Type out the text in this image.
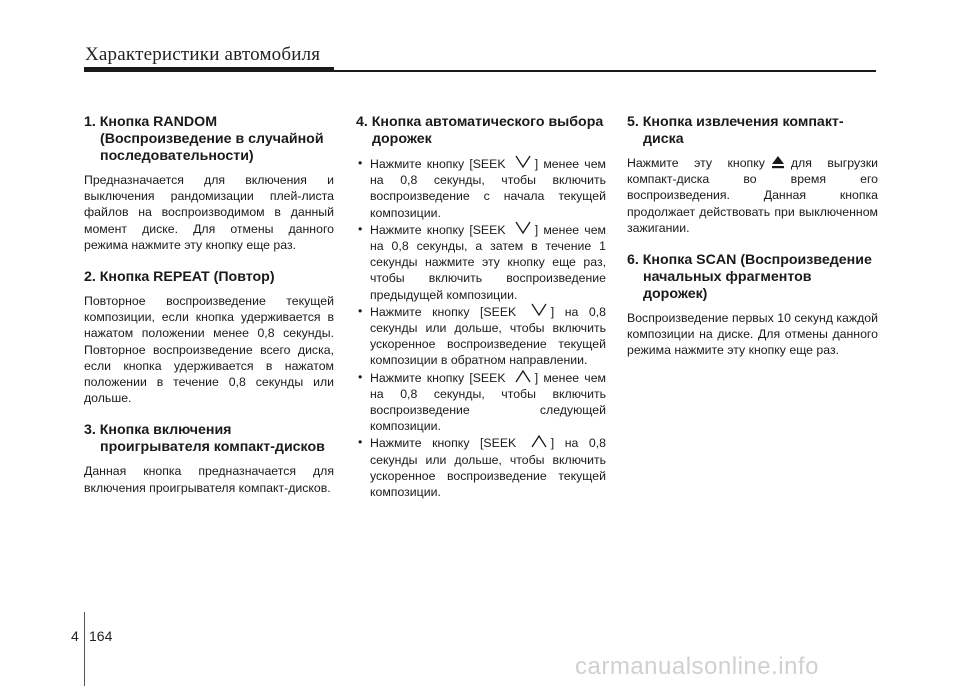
Характеристики автомобиля
1. Кнопка RANDOM (Воспроизведение в случайной последовательности)
Предназначается для включения и выключения рандомизации плей-листа файлов на воспроизводимом в данный момент диске. Для отмены данного режима нажмите эту кнопку еще раз.
2. Кнопка REPEAT (Повтор)
Повторное воспроизведение текущей композиции, если кнопка удерживается в нажатом положении менее 0,8 секунды. Повторное воспроизведение всего диска, если кнопка удерживается в нажатом положении в течение 0,8 секунды или дольше.
3. Кнопка включения проигрывателя компакт-дисков
Данная кнопка предназначается для включения проигрывателя компакт-дисков.
4. Кнопка автоматического выбора дорожек
• Нажмите кнопку [SEEK ] менее чем на 0,8 секунды, чтобы включить воспроизведение с начала текущей композиции.
• Нажмите кнопку [SEEK ] менее чем на 0,8 секунды, а затем в течение 1 секунды нажмите эту кнопку еще раз, чтобы включить воспроизведение предыдущей композиции.
• Нажмите кнопку [SEEK	] на 0,8 секунды или дольше, чтобы включить ускоренное воспроизведение текущей композиции в обратном направлении.
• Нажмите кнопку [SEEK ] менее чем на 0,8 секунды, чтобы включить воспроизведение следующей композиции.
• Нажмите кнопку [SEEK	] на 0,8 секунды или дольше, чтобы включить ускоренное воспроизведение текущей композиции.
5. Кнопка извлечения компакт-диска
Нажмите эту кнопку для выгрузки компакт-диска во время его воспроизведения. Данная кнопка продолжает действовать при выключенном зажигании.
6. Кнопка SCAN (Воспроизведение начальных фрагментов дорожек)
Воспроизведение первых 10 секунд каждой композиции на диске. Для отмены данного режима нажмите эту кнопку еще раз.
4 164
carmanualsonline.info
